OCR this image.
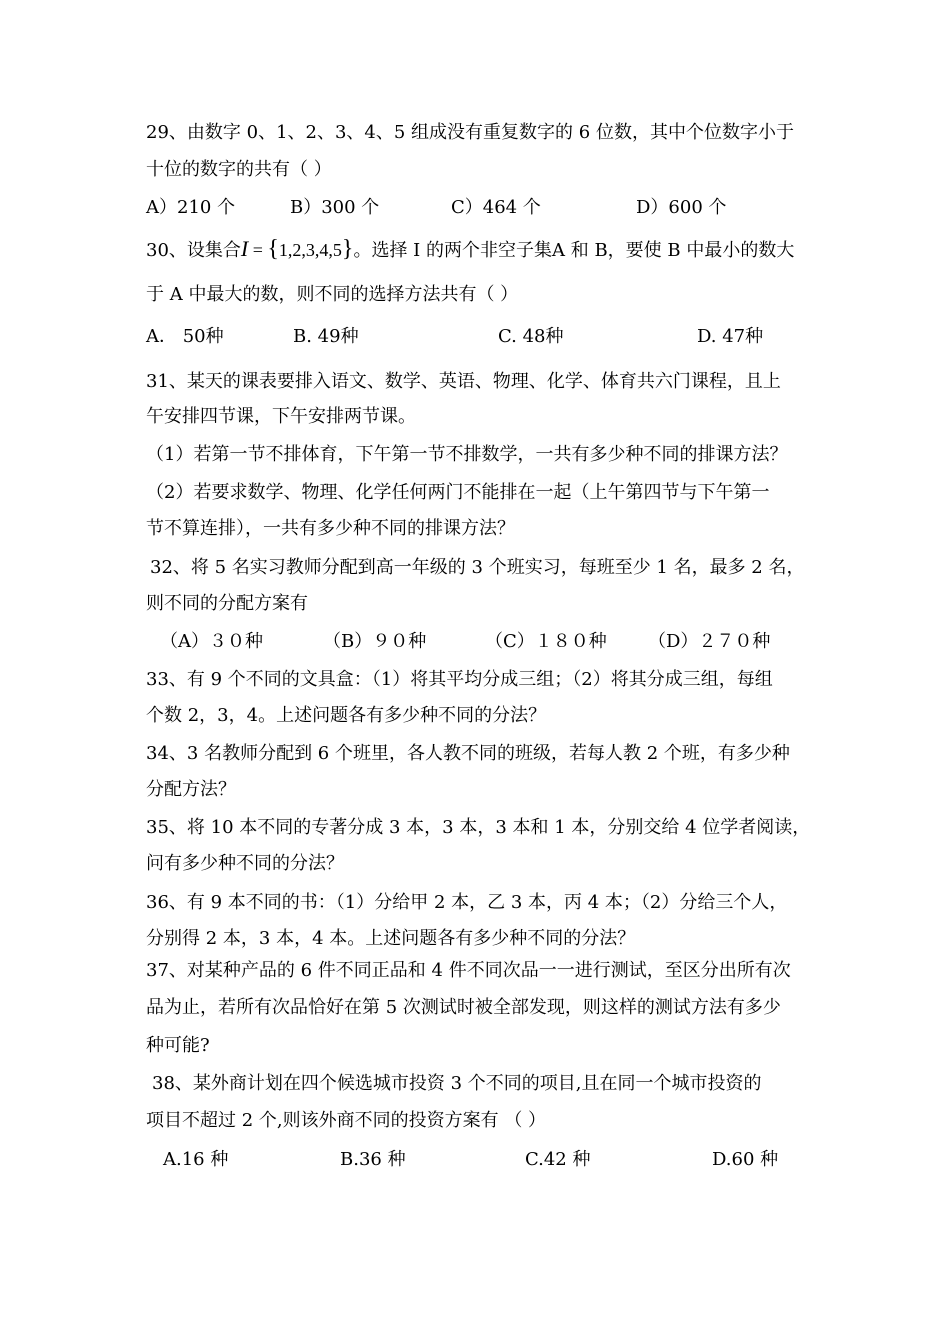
29、由数字 0、1、2、3、4、5 组成没有重复数字的 6 位数，其中个位数字小于
十位的数字的共有（ ）
A）210 个	B）300 个	C）464 个	D）600 个
30、设集合I = {1,2,3,4,5}。选择 I 的两个非空子集A 和 B，要使 B 中最小的数大
于 A 中最大的数，则不同的选择方法共有（ ）
A． 50种	B. 49种	C. 48种	D. 47种
31、某天的课表要排入语文、数学、英语、物理、化学、体育共六门课程，且上
午安排四节课，下午安排两节课。
（1）若第一节不排体育，下午第一节不排数学，一共有多少种不同的排课方法？
（2）若要求数学、物理、化学任何两门不能排在一起（上午第四节与下午第一
节不算连排），一共有多少种不同的排课方法？
32、将 5 名实习教师分配到高一年级的 3 个班实习，每班至少 1 名，最多 2 名，
则不同的分配方案有
（A）３０种	（B）９０种	（C）１８０种 （D）２７０种
33、有 9 个不同的文具盒：（1）将其平均分成三组；（2）将其分成三组，每组
个数 2，3，4。上述问题各有多少种不同的分法？
34、3 名教师分配到 6 个班里，各人教不同的班级，若每人教 2 个班，有多少种
分配方法？
35、将 10 本不同的专著分成 3 本，3 本，3 本和 1 本，分别交给 4 位学者阅读，
问有多少种不同的分法？
36、有 9 本不同的书：（1）分给甲 2 本，乙 3 本，丙 4 本；（2）分给三个人，
分别得 2 本，3 本，4 本。上述问题各有多少种不同的分法？
37、对某种产品的 6 件不同正品和 4 件不同次品一一进行测试，至区分出所有次
品为止，若所有次品恰好在第 5 次测试时被全部发现，则这样的测试方法有多少
种可能?
38、某外商计划在四个候选城市投资 3 个不同的项目,且在同一个城市投资的
项目不超过 2 个,则该外商不同的投资方案有 （ ）
A.16 种	B.36 种	C.42 种	D.60 种
